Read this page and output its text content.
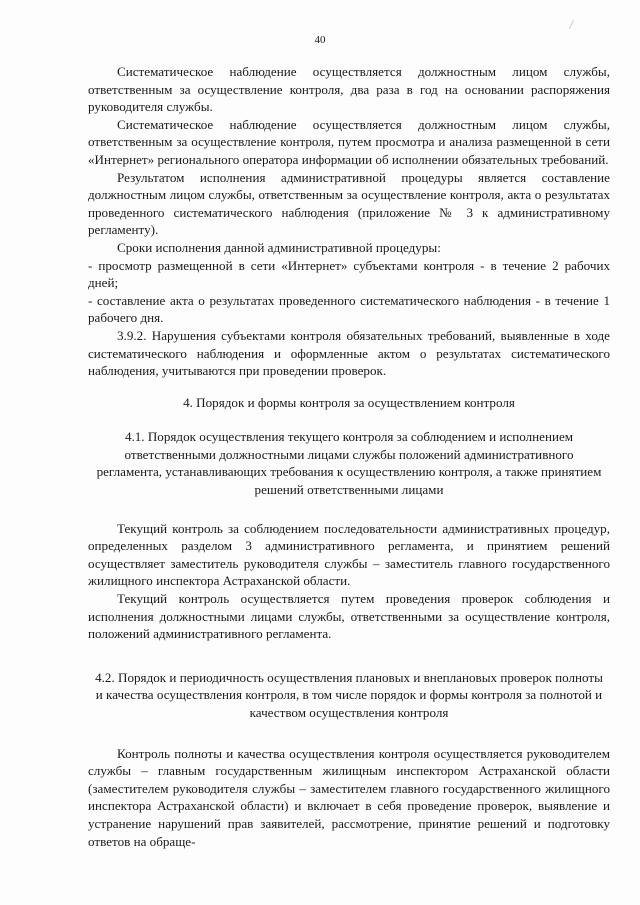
40

Систематическое наблюдение осуществляется должностным лицом службы, ответственным за осуществление контроля, два раза в год на основании распоряжения руководителя службы.

Систематическое наблюдение осуществляется должностным лицом службы, ответственным за осуществление контроля, путем просмотра и анализа размещенной в сети «Интернет» регионального оператора информации об исполнении обязательных требований.

Результатом исполнения административной процедуры является составление должностным лицом службы, ответственным за осуществление контроля, акта о результатах проведенного систематического наблюдения (приложение № 3 к административному регламенту).

Сроки исполнения данной административной процедуры:

- просмотр размещенной в сети «Интернет» субъектами контроля - в течение 2 рабочих дней;

- составление акта о результатах проведенного систематического наблюдения - в течение 1 рабочего дня.

3.9.2. Нарушения субъектами контроля обязательных требований, выявленные в ходе систематического наблюдения и оформленные актом о результатах систематического наблюдения, учитываются при проведении проверок.

4. Порядок и формы контроля за осуществлением контроля

4.1. Порядок осуществления текущего контроля за соблюдением и исполнением ответственными должностными лицами службы положений административного регламента, устанавливающих требования к осуществлению контроля, а также принятием решений ответственными лицами

Текущий контроль за соблюдением последовательности административных процедур, определенных разделом 3 административного регламента, и принятием решений осуществляет заместитель руководителя службы – заместитель главного государственного жилищного инспектора Астраханской области.

Текущий контроль осуществляется путем проведения проверок соблюдения и исполнения должностными лицами службы, ответственными за осуществление контроля, положений административного регламента.

4.2. Порядок и периодичность осуществления плановых и внеплановых проверок полноты и качества осуществления контроля, в том числе порядок и формы контроля за полнотой и качеством осуществления контроля

Контроль полноты и качества осуществления контроля осуществляется руководителем службы – главным государственным жилищным инспектором Астраханской области (заместителем руководителя службы – заместителем главного государственного жилищного инспектора Астраханской области) и включает в себя проведение проверок, выявление и устранение нарушений прав заявителей, рассмотрение, принятие решений и подготовку ответов на обраще-
